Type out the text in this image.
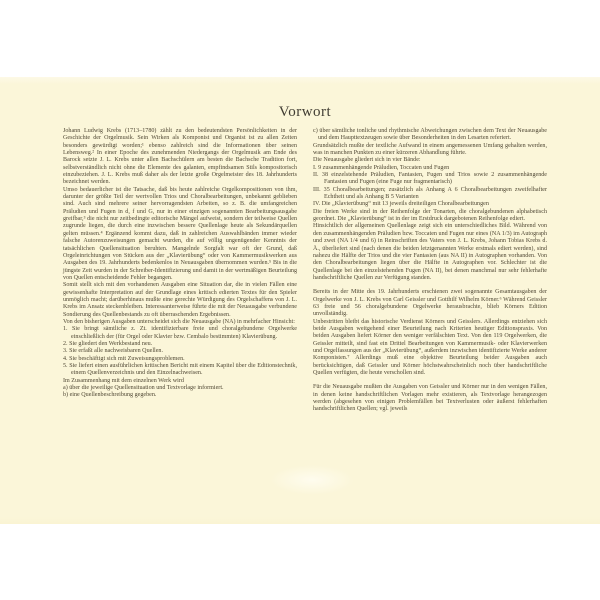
Vorwort

Johann Ludwig Krebs (1713–1780) zählt zu den bedeutendsten Persönlichkeiten in der Geschichte der Orgelmusik. Sein Wirken als Komponist und Organist ist zu allen Zeiten besonders gewürdigt worden;¹ ebenso zahlreich sind die Informationen über seinen Lebensweg.² In einer Epoche des zunehmenden Niedergangs der Orgelmusik am Ende des Barock setzte J. L. Krebs unter allen Bachschülern am besten die Bachsche Tradition fort, selbstverständlich nicht ohne die Elemente des galanten, empfindsamen Stils kompositorisch einzubeziehen. J. L. Krebs muß daher als der letzte große Orgelmeister des 18. Jahrhunderts bezeichnet werden.

Umso bedauerlicher ist die Tatsache, daß bis heute zahlreiche Orgelkompositionen von ihm, darunter der größte Teil der wertvollen Trios und Choralbearbeitungen, unbekannt geblieben sind. Auch sind mehrere seiner hervorragendsten Arbeiten, so z. B. die umfangreichen Präludien und Fugen in d, f und G, nur in einer einzigen sogenannten Bearbeitungsausgabe greifbar,³ die nicht nur zeitbedingte editorische Mängel aufweist, sondern der teilweise Quellen zugrunde liegen, die durch eine inzwischen bessere Quellenlage heute als Sekundärquellen gelten müssen.⁴ Ergänzend kommt dazu, daß in zahlreichen Auswahlbänden immer wieder falsche Autorenzuweisungen gemacht wurden, die auf völlig ungenügender Kenntnis der tatsächlichen Quellensituation beruhten. Mangelnde Sorgfalt war oft der Grund, daß Orgeleinrichtungen von Stücken aus der „Klavierübung“ oder von Kammermusikwerken aus Ausgaben des 19. Jahrhunderts bedenkenlos in Neuausgaben übernommen wurden.⁵ Bis in die jüngste Zeit wurden in der Schreiber-Identifizierung und damit in der wertmäßigen Beurteilung von Quellen entscheidende Fehler begangen.

Somit stellt sich mit den vorhandenen Ausgaben eine Situation dar, die in vielen Fällen eine gewissenhafte Interpretation auf der Grundlage eines kritisch edierten Textes für den Spieler unmöglich macht; darüberhinaus mußte eine gerechte Würdigung des Orgelschaffens von J. L. Krebs im Ansatz steckenbleiben. Interessanterweise führte die mit der Neuausgabe verbundene Sondierung des Quellenbestands zu oft überraschenden Ergebnissen.

Von den bisherigen Ausgaben unterscheidet sich die Neuausgabe (NA) in mehrfacher Hinsicht:

1. Sie bringt sämtliche z. Zt. identifizierbare freie und choralgebundene Orgelwerke einschließlich der (für Orgel oder Klavier bzw. Cembalo bestimmten) Klavierübung.

2. Sie gliedert den Werkbestand neu.

3. Sie erfaßt alle nachweisbaren Quellen.

4. Sie beschäftigt sich mit Zuweisungsproblemen.

5. Sie liefert einen ausführlichen kritischen Bericht mit einem Kapitel über die Editionstechnik, einem Quellenverzeichnis und den Einzelnachweisen.

Im Zusammenhang mit dem einzelnen Werk wird

a) über die jeweilige Quellensituation und Textvorlage informiert.

b) eine Quellenbeschreibung gegeben.

c) über sämtliche tonliche und rhythmische Abweichungen zwischen dem Text der Neuausgabe und dem Haupttextzeugen sowie über Besonderheiten in den Lesarten referiert.

Grundsätzlich mußte der textliche Aufwand in einem angemessenen Umfang gehalten werden, was in manchen Punkten zu einer kürzeren Abhandlung führte.

Die Neuausgabe gliedert sich in vier Bände:

I. 9 zusammenhängende Präludien, Toccaten und Fugen

II. 38 einzelstehende Präludien, Fantasien, Fugen und Trios sowie 2 zusammenhängende Fantasien und Fugen (eine Fuge nur fragmentarisch)

III. 35 Choralbearbeitungen; zusätzlich als Anhang A 6 Choralbearbeitungen zweifelhafter Echtheit und als Anhang B 5 Varianten

IV. Die „Klavierübung“ mit 13 jeweils dreiteiligen Choralbearbeitungen

Die freien Werke sind in der Reihenfolge der Tonarten, die choralgebundenen alphabetisch geordnet. Die „Klavierübung“ ist in der im Erstdruck dargebotenen Reihenfolge ediert.

Hinsichtlich der allgemeinen Quellenlage zeigt sich ein unterschiedliches Bild. Während von den zusammenhängenden Präludien bzw. Toccaten und Fugen nur eines (NA 1/3) im Autograph und zwei (NA 1/4 und 6) in Reinschriften des Vaters von J. L. Krebs, Johann Tobias Krebs d. Ä., überliefert sind (nach denen die beiden letztgenannten Werke erstmals ediert werden), sind nahezu die Hälfte der Trios und die vier Fantasien (aus NA II) in Autographen vorhanden. Von den Choralbearbeitungen liegen über die Hälfte in Autographen vor. Schlechter ist die Quellenlage bei den einzelstehenden Fugen (NA II), bei denen manchmal nur sehr fehlerhafte handschriftliche Quellen zur Verfügung standen.

Bereits in der Mitte des 19. Jahrhunderts erschienen zwei sogenannte Gesamtausgaben der Orgelwerke von J. L. Krebs von Carl Geissler und Gotthilf Wilhelm Körner.⁶ Während Geissler 63 freie und 56 choralgebundene Orgelwerke herausbrachte, blieb Körners Edition unvollständig.

Unbestritten bleibt das historische Verdienst Körners und Geisslers. Allerdings entziehen sich beide Ausgaben weitgehend einer Beurteilung nach Kriterien heutiger Editionspraxis. Von beiden Ausgaben liefert Körner den weniger verfälschten Text. Von den 119 Orgelwerken, die Geissler mitteilt, sind fast ein Drittel Bearbeitungen von Kammermusik- oder Klavierwerken und Orgelfassungen aus der „Klavierübung“, außerdem inzwischen identifizierte Werke anderer Komponisten.⁷ Allerdings muß eine objektive Beurteilung beider Ausgaben auch berücksichtigen, daß Geissler und Körner höchstwahrscheinlich noch über handschriftliche Quellen verfügten, die heute verschollen sind.

Für die Neuausgabe mußten die Ausgaben von Geissler und Körner nur in den wenigen Fällen, in denen keine handschriftlichen Vorlagen mehr existieren, als Textvorlage herangezogen werden (abgesehen von einigen Problemfällen bei Textverlusten oder äußerst fehlerhaften handschriftlichen Quellen; vgl. jeweils
